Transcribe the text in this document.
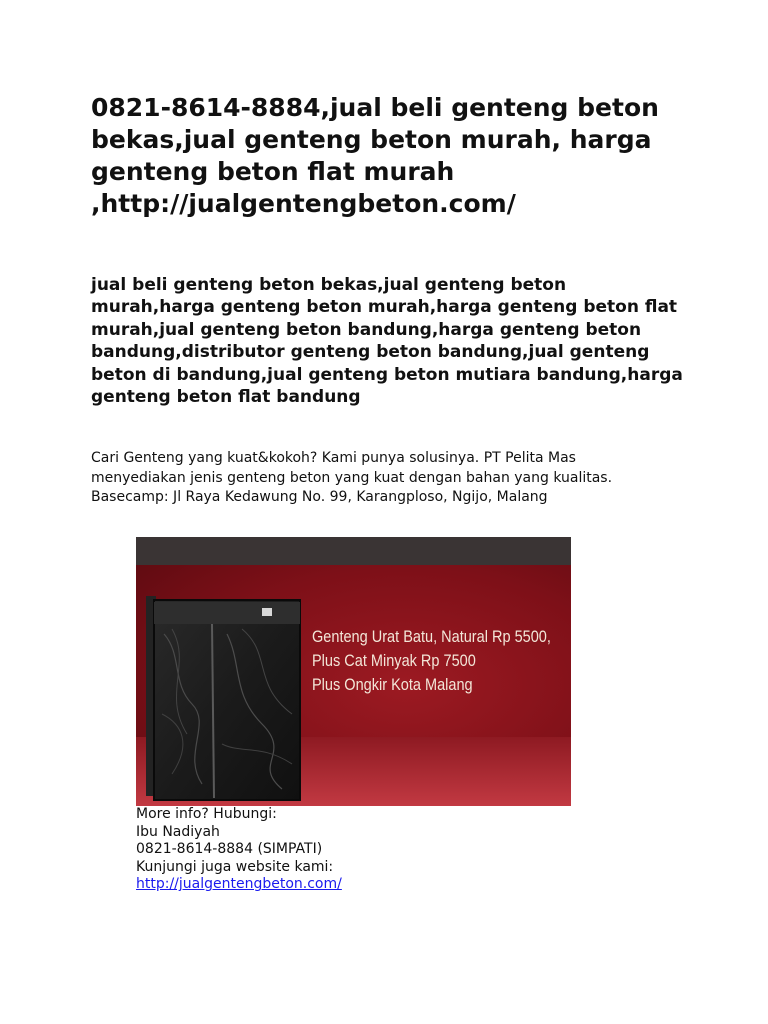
0821-8614-8884,jual beli genteng beton bekas,jual genteng beton murah, harga genteng beton flat murah ,http://jualgentengbeton.com/
jual beli genteng beton bekas,jual genteng beton murah,harga genteng beton murah,harga genteng beton flat murah,jual genteng beton bandung,harga genteng beton bandung,distributor genteng beton bandung,jual genteng beton di bandung,jual genteng beton mutiara bandung,harga genteng beton flat bandung

Cari Genteng yang kuat&kokoh? Kami punya solusinya. PT Pelita Mas menyediakan jenis genteng beton yang kuat dengan bahan yang kualitas. Basecamp: Jl Raya Kedawung No. 99, Karangploso, Ngijo, Malang

Genteng Urat Batu, Natural Rp 5500,
Plus Cat Minyak Rp 7500
Plus Ongkir Kota Malang
More info? Hubungi:
Ibu Nadiyah
0821-8614-8884 (SIMPATI)
Kunjungi juga website kami:
http://jualgentengbeton.com/
